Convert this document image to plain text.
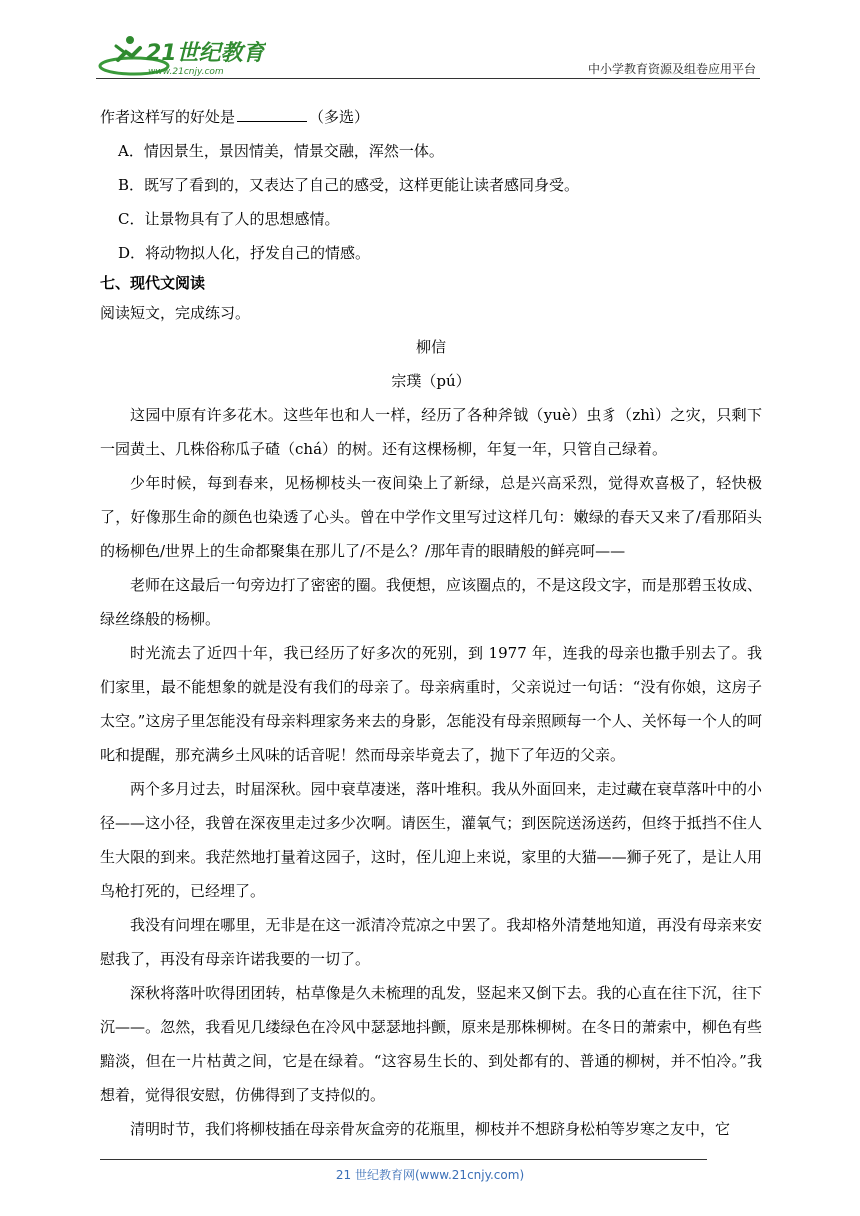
21世纪教育
www.21cnjy.com	中小学教育资源及组卷应用平台
作者这样写的好处是	（多选）
A．情因景生，景因情美，情景交融，浑然一体。
B．既写了看到的，又表达了自己的感受，这样更能让读者感同身受。
C．让景物具有了人的思想感情。
D．将动物拟人化，抒发自己的情感。
七、现代文阅读
阅读短文，完成练习。
柳信
宗璞（pú）

这园中原有许多花木。这些年也和人一样，经历了各种斧钺（yuè）虫豸（zhì）之灾，只剩下一园黄土、几株俗称瓜子碴（chá）的树。还有这棵杨柳，年复一年，只管自己绿着。

少年时候，每到春来，见杨柳枝头一夜间染上了新绿，总是兴高采烈，觉得欢喜极了，轻快极了，好像那生命的颜色也染透了心头。曾在中学作文里写过这样几句：嫩绿的春天又来了/看那陌头的杨柳色/世界上的生命都聚集在那儿了/不是么？/那年青的眼睛般的鲜亮呵——

老师在这最后一句旁边打了密密的圈。我便想，应该圈点的，不是这段文字，而是那碧玉妆成、绿丝绦般的杨柳。

时光流去了近四十年，我已经历了好多次的死别，到 1977 年，连我的母亲也撒手别去了。我们家里，最不能想象的就是没有我们的母亲了。母亲病重时，父亲说过一句话：“没有你娘，这房子太空。”这房子里怎能没有母亲料理家务来去的身影，怎能没有母亲照顾每一个人、关怀每一个人的呵叱和提醒，那充满乡土风味的话音呢！然而母亲毕竟去了，抛下了年迈的父亲。

两个多月过去，时届深秋。园中衰草凄迷，落叶堆积。我从外面回来，走过藏在衰草落叶中的小径——这小径，我曾在深夜里走过多少次啊。请医生，灌氧气；到医院送汤送药，但终于抵挡不住人生大限的到来。我茫然地打量着这园子，这时，侄儿迎上来说，家里的大猫——狮子死了，是让人用鸟枪打死的，已经埋了。

我没有问埋在哪里，无非是在这一派清冷荒凉之中罢了。我却格外清楚地知道，再没有母亲来安慰我了，再没有母亲许诺我要的一切了。

深秋将落叶吹得团团转，枯草像是久未梳理的乱发，竖起来又倒下去。我的心直在往下沉，往下沉——。忽然，我看见几缕绿色在冷风中瑟瑟地抖颤，原来是那株柳树。在冬日的萧索中，柳色有些黯淡，但在一片枯黄之间，它是在绿着。“这容易生长的、到处都有的、普通的柳树，并不怕冷。”我想着，觉得很安慰，仿佛得到了支持似的。

清明时节，我们将柳枝插在母亲骨灰盒旁的花瓶里，柳枝并不想跻身松柏等岁寒之友中，它

21 世纪教育网(www.21cnjy.com)
